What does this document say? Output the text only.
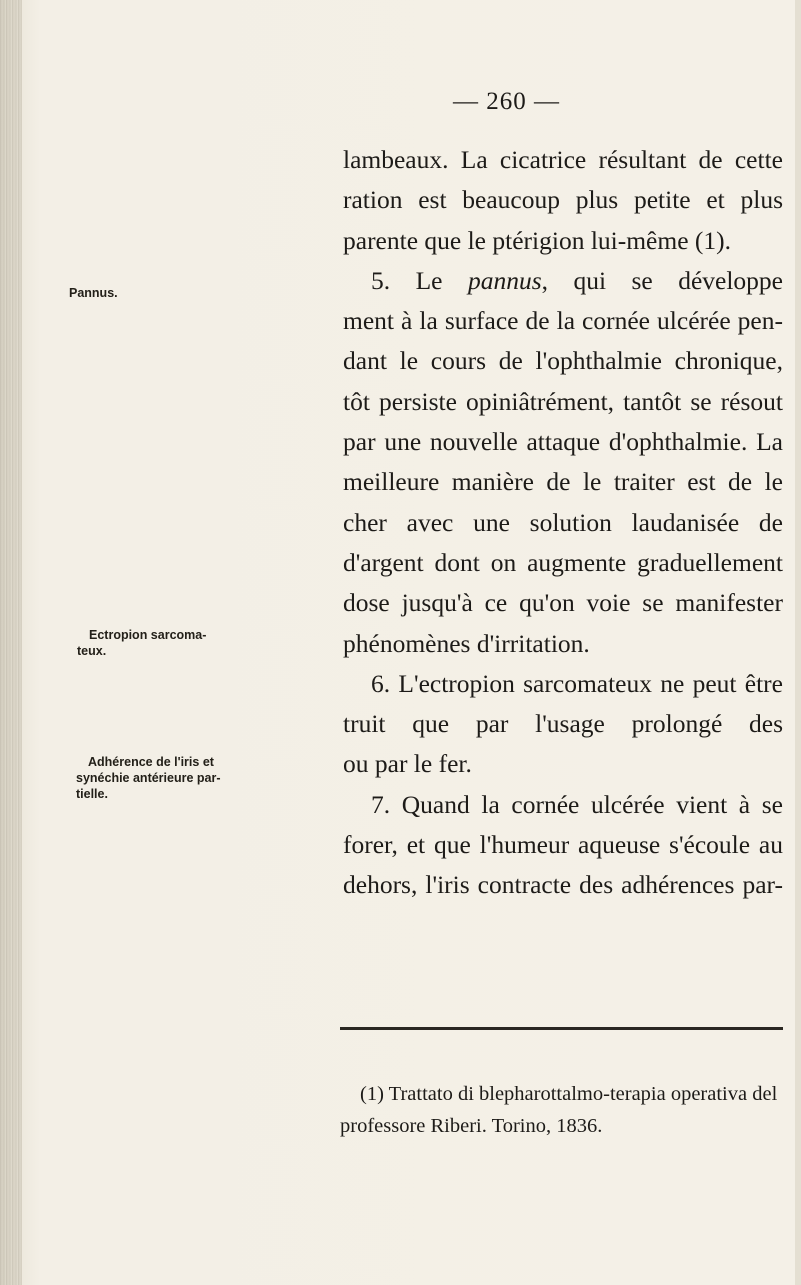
— 260 —
Pannus.
Ectropion sarcoma-
teux.
Adhérence de l'iris et
synéchie antérieure par-
tielle.
lambeaux. La cicatrice résultant de cette
ration est beaucoup plus petite et plus
parente que le ptérigion lui-même (1).
5. Le pannus, qui se développe
ment à la surface de la cornée ulcérée pen-
dant le cours de l'ophthalmie chronique,
tôt persiste opiniâtrément, tantôt se résout
par une nouvelle attaque d'ophthalmie. La
meilleure manière de le traiter est de le
cher avec une solution laudanisée de
d'argent dont on augmente graduellement
dose jusqu'à ce qu'on voie se manifester
phénomènes d'irritation.
6. L'ectropion sarcomateux ne peut être
truit que par l'usage prolongé des
ou par le fer.
7. Quand la cornée ulcérée vient à se
forer, et que l'humeur aqueuse s'écoule au
dehors, l'iris contracte des adhérences par-
(1) Trattato di blepharottalmo-terapia operativa del
professore Riberi. Torino, 1836.
